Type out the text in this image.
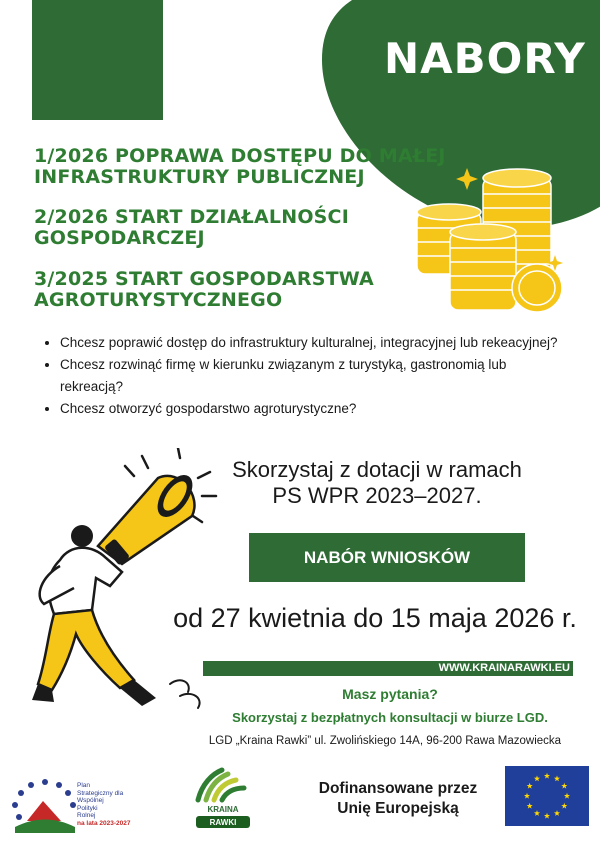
NABORY
1/2026 POPRAWA DOSTĘPU DO MAŁEJ
INFRASTRUKTURY PUBLICZNEJ
2/2026 START DZIAŁALNOŚCI
GOSPODARCZEJ
3/2025 START GOSPODARSTWA
AGROTURYSTYCZNEGO
• Chcesz poprawić dostęp do infrastruktury kulturalnej, integracyjnej lub rekeacyjnej?
• Chcesz rozwinąć firmę w kierunku związanym z turystyką, gastronomią lub rekreacją?
• Chcesz otworzyć gospodarstwo agroturystyczne?
Skorzystaj z dotacji w ramach
PS WPR 2023–2027.
NABÓR WNIOSKÓW
od 27 kwietnia do 15 maja 2026 r.
WWW.KRAINARAWKI.EU
Masz pytania?
Skorzystaj z bezpłatnych konsultacji w biurze LGD.
LGD „Kraina Rawki” ul. Zwolińskiego 14A, 96-200 Rawa Mazowiecka
Plan
Strategiczny dla
Wspólnej
Polityki
Rolnej
na lata 2023-2027
KRAINA
RAWKI
Dofinansowane przez
Unię Europejską
